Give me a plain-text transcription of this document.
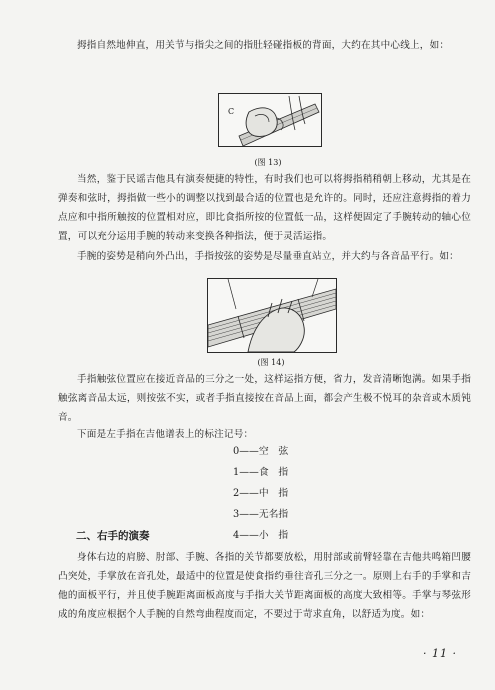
拇指自然地伸直，用关节与指尖之间的指肚轻碰指板的背面，大约在其中心线上，如：

C
(图 13)

当然，鉴于民谣吉他具有演奏便捷的特性，有时我们也可以将拇指稍稍朝上移动，尤其是在弹奏和弦时，拇指做一些小的调整以找到最合适的位置也是允许的。同时，还应注意拇指的着力点应和中指所触按的位置相对应，即比食指所按的位置低一品，这样便固定了手腕转动的轴心位置，可以充分运用手腕的转动来变换各种指法，便于灵活运指。

手腕的姿势是稍向外凸出，手指按弦的姿势是尽量垂直站立，并大约与各音品平行。如：

(图 14)

手指触弦位置应在接近音品的三分之一处，这样运指方便，省力，发音清晰饱满。如果手指触弦离音品太远，则按弦不实，或者手指直接按在音品上面，都会产生极不悦耳的杂音或木质钝音。

下面是左手指在吉他谱表上的标注记号：

0——空　弦
1——食　指
2——中　指
3——无名指
4——小　指
二、右手的演奏

身体右边的肩膀、肘部、手腕、各指的关节都要放松，用肘部或前臂轻靠在吉他共鸣箱凹腰凸突处，手掌放在音孔处，最适中的位置是使食指约垂往音孔三分之一。原则上右手的手掌和吉他的面板平行，并且使手腕距离面板高度与手指大关节距离面板的高度大致相等。手掌与琴弦形成的角度应根据个人手腕的自然弯曲程度而定，不要过于苛求直角，以舒适为度。如：

· 11 ·
